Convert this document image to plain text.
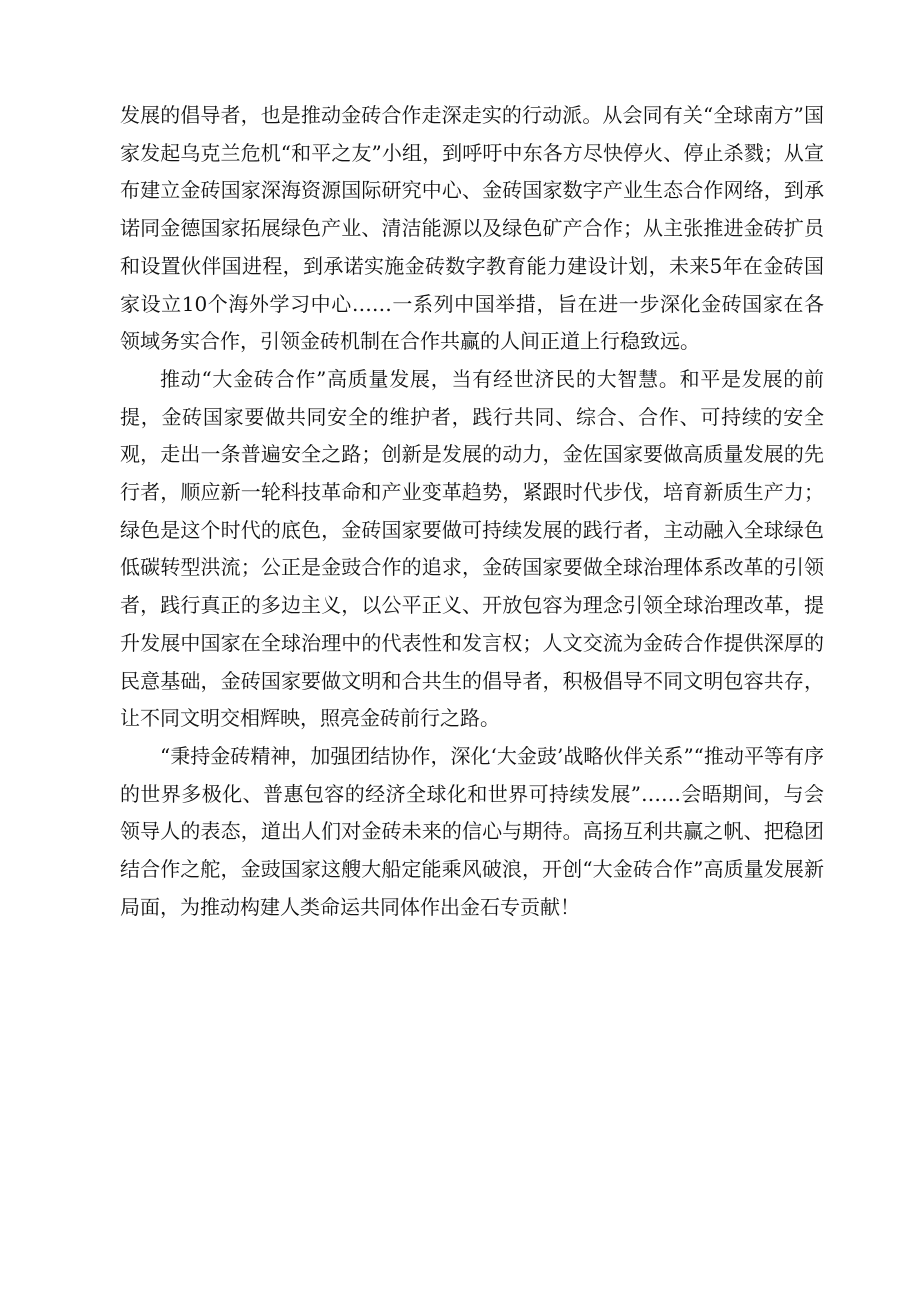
发展的倡导者，也是推动金砖合作走深走实的行动派。从会同有关“全球南方”国家发起乌克兰危机“和平之友”小组，到呼吁中东各方尽快停火、停止杀戮；从宣布建立金砖国家深海资源国际研究中心、金砖国家数字产业生态合作网络，到承诺同金德国家拓展绿色产业、清洁能源以及绿色矿产合作；从主张推进金砖扩员和设置伙伴国进程，到承诺实施金砖数字教育能力建设计划，未来5年在金砖国家设立10个海外学习中心……一系列中国举措，旨在进一步深化金砖国家在各领域务实合作，引领金砖机制在合作共赢的人间正道上行稳致远。

推动“大金砖合作”高质量发展，当有经世济民的大智慧。和平是发展的前提，金砖国家要做共同安全的维护者，践行共同、综合、合作、可持续的安全观，走出一条普遍安全之路；创新是发展的动力，金佐国家要做高质量发展的先行者，顺应新一轮科技革命和产业变革趋势，紧跟时代步伐，培育新质生产力；绿色是这个时代的底色，金砖国家要做可持续发展的践行者，主动融入全球绿色低碳转型洪流；公正是金豉合作的追求，金砖国家要做全球治理体系改革的引领者，践行真正的多边主义，以公平正义、开放包容为理念引领全球治理改革，提升发展中国家在全球治理中的代表性和发言权；人文交流为金砖合作提供深厚的民意基础，金砖国家要做文明和合共生的倡导者，积极倡导不同文明包容共存，让不同文明交相辉映，照亮金砖前行之路。

“秉持金砖精神，加强团结协作，深化‘大金豉’战略伙伴关系”“推动平等有序的世界多极化、普惠包容的经济全球化和世界可持续发展”……会晤期间，与会领导人的表态，道出人们对金砖未来的信心与期待。高扬互利共赢之帆、把稳团结合作之舵，金豉国家这艘大船定能乘风破浪，开创“大金砖合作”高质量发展新局面，为推动构建人类命运共同体作出金石专贡献！
